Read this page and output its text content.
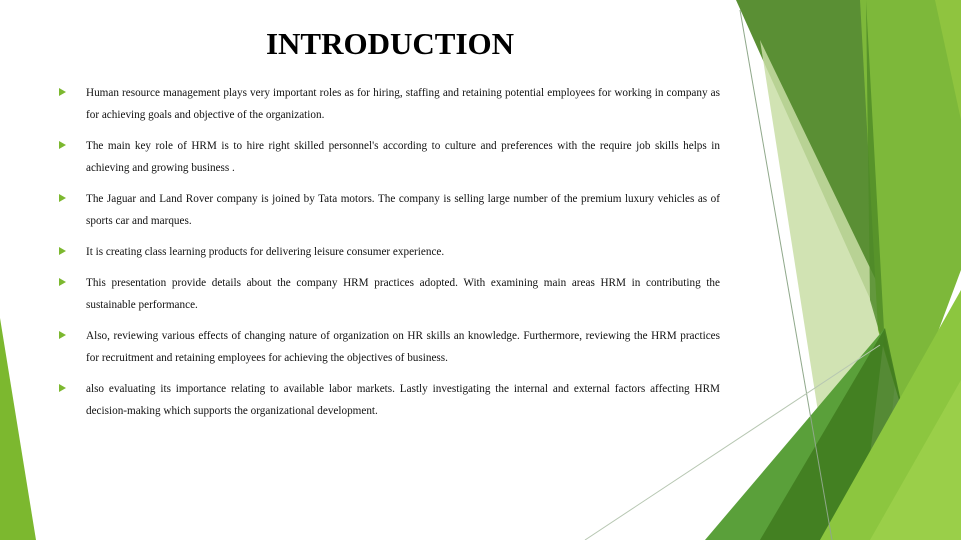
INTRODUCTION
Human resource management plays very important roles as for hiring, staffing and retaining potential employees for working in company as for achieving goals and objective of the organization.
The main key role of HRM is to hire right skilled personnel's according to culture and preferences with the require job skills helps in achieving and growing business .
The Jaguar and Land Rover company is joined by Tata motors. The company is selling large number of the premium luxury vehicles as of sports car and marques.
It is creating class learning products for delivering leisure consumer experience.
This presentation provide details about the company HRM practices adopted. With examining main areas HRM in contributing the sustainable performance.
Also, reviewing various effects of changing nature of organization on HR skills an knowledge. Furthermore, reviewing the HRM practices for recruitment and retaining employees for achieving the objectives of business.
also evaluating its importance relating to available labor markets. Lastly investigating the internal and external factors affecting HRM decision-making which supports the organizational development.
